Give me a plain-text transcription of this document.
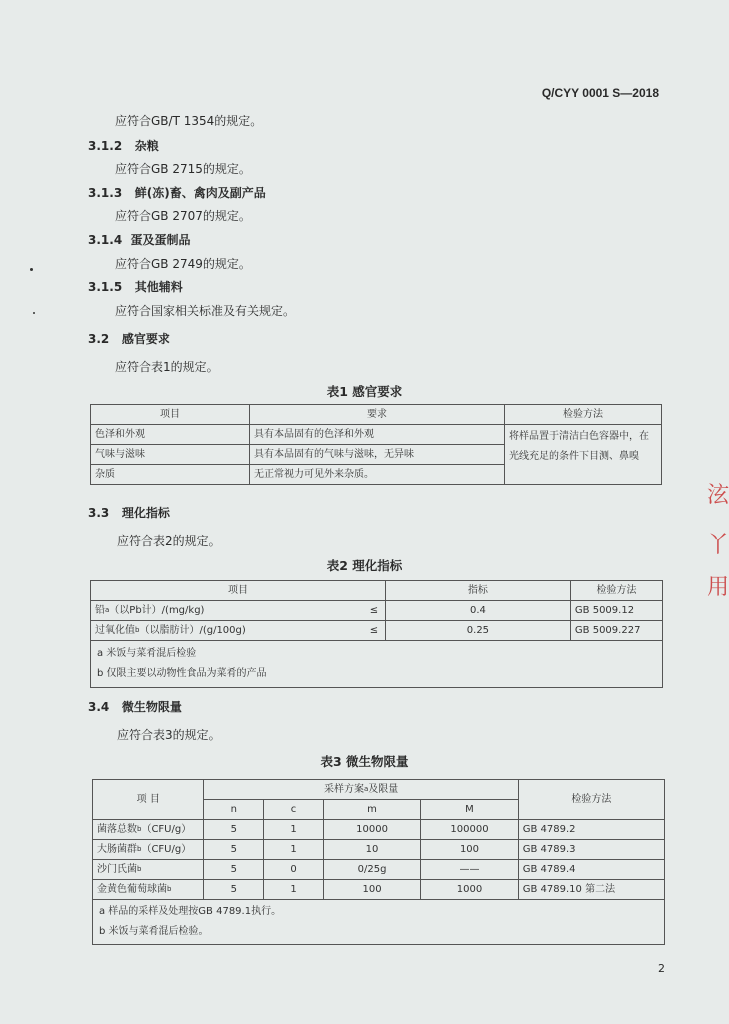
Q/CYY 0001 S—2018
应符合GB/T 1354的规定。
3.1.2 杂粮
应符合GB 2715的规定。
3.1.3 鲜(冻)畜、禽肉及副产品
应符合GB 2707的规定。
3.1.4 蛋及蛋制品
应符合GB 2749的规定。
3.1.5 其他辅料
应符合国家相关标准及有关规定。
3.2 感官要求
应符合表1的规定。
表1 感官要求
项目	要求	检验方法
色泽和外观	具有本品固有的色泽和外观	将样品置于清洁白色容器中，在光线充足的条件下目测、鼻嗅
气味与滋味	具有本品固有的气味与滋味，无异味	
杂质	无正常视力可见外来杂质。	
3.3 理化指标
应符合表2的规定。
表2 理化指标
项目		指标	检验方法
铅$^a$（以Pb计）/(mg/kg)	≤	0.4	GB 5009.12
过氧化值$^b$（以脂肪计）/(g/100g)	≤	0.25	GB 5009.227

a 米饭与菜肴混后检验
b 仅限主要以动物性食品为菜肴的产品			
3.4 微生物限量
应符合表3的规定。
表3 微生物限量
项 目	采样方案$^a$及限量				检验方法
	n	c	m	M	
菌落总数$^b$（CFU/g）	5	1	10000	100000	GB 4789.2
大肠菌群$^b$（CFU/g）	5	1	10	100	GB 4789.3
沙门氏菌$^b$	5	0	0/25g	——	GB 4789.4
金黄色葡萄球菌$^b$	5	1	100	1000	GB 4789.10 第二法

a 样品的采样及处理按GB 4789.1执行。
b 米饭与菜肴混后检验。					
2
泫
丫
用
